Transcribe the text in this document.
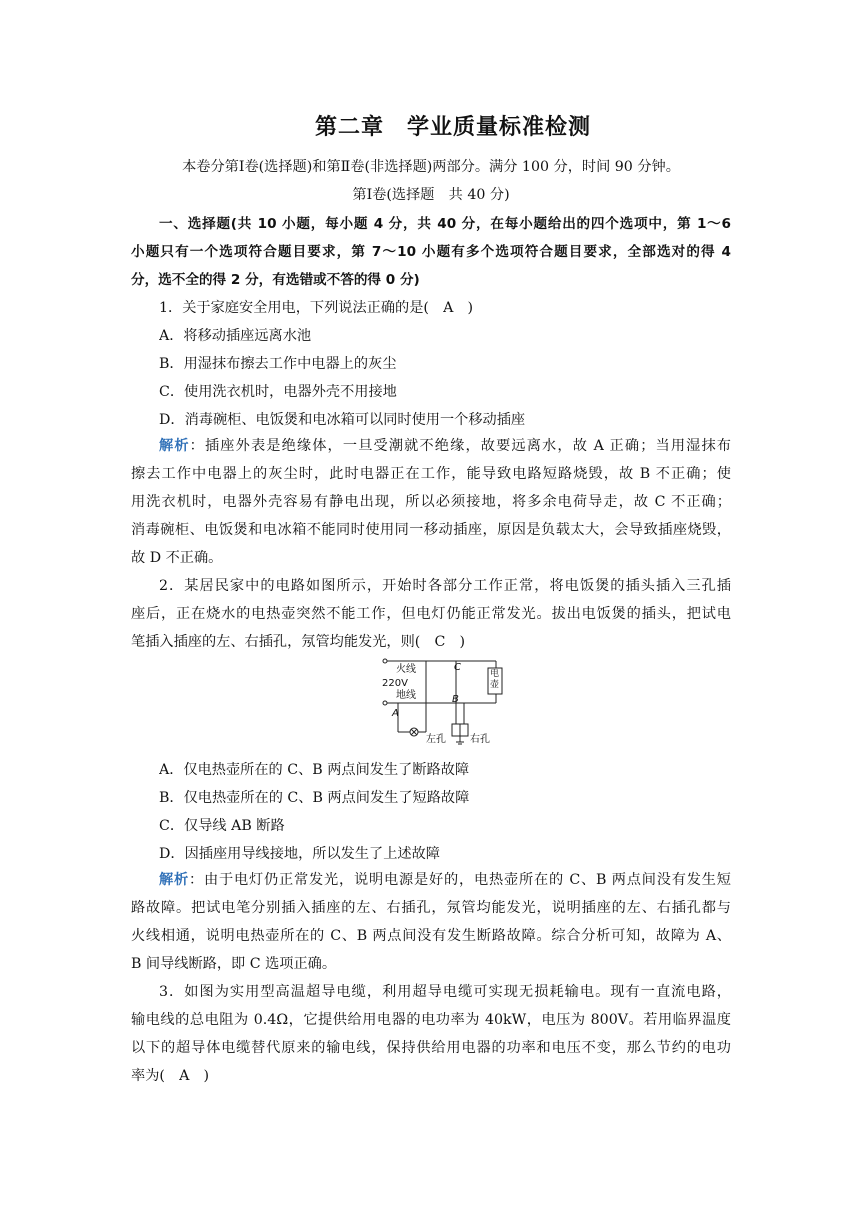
第二章　学业质量标准检测
本卷分第Ⅰ卷(选择题)和第Ⅱ卷(非选择题)两部分。满分 100 分，时间 90 分钟。
第Ⅰ卷(选择题　共 40 分)
一、选择题(共 10 小题，每小题 4 分，共 40 分，在每小题给出的四个选项中，第 1～6
小题只有一个选项符合题目要求，第 7～10 小题有多个选项符合题目要求，全部选对的得 4
分，选不全的得 2 分，有选错或不答的得 0 分)
1．关于家庭安全用电，下列说法正确的是(　A　)
A．将移动插座远离水池
B．用湿抹布擦去工作中电器上的灰尘
C．使用洗衣机时，电器外壳不用接地
D．消毒碗柜、电饭煲和电冰箱可以同时使用一个移动插座
解析：插座外表是绝缘体，一旦受潮就不绝缘，故要远离水，故 A 正确；当用湿抹布
擦去工作中电器上的灰尘时，此时电器正在工作，能导致电路短路烧毁，故 B 不正确；使
用洗衣机时，电器外壳容易有静电出现，所以必须接地，将多余电荷导走，故 C 不正确；
消毒碗柜、电饭煲和电冰箱不能同时使用同一移动插座，原因是负载太大，会导致插座烧毁，
故 D 不正确。
2．某居民家中的电路如图所示，开始时各部分工作正常，将电饭煲的插头插入三孔插
座后，正在烧水的电热壶突然不能工作，但电灯仍能正常发光。拔出电饭煲的插头，把试电
笔插入插座的左、右插孔，氖管均能发光，则(　C　)
火线
220V
地线
A
B
C
左孔 右孔
电壶
A．仅电热壶所在的 C、B 两点间发生了断路故障
B．仅电热壶所在的 C、B 两点间发生了短路故障
C．仅导线 AB 断路
D．因插座用导线接地，所以发生了上述故障
解析：由于电灯仍正常发光，说明电源是好的，电热壶所在的 C、B 两点间没有发生短
路故障。把试电笔分别插入插座的左、右插孔，氖管均能发光，说明插座的左、右插孔都与
火线相通，说明电热壶所在的 C、B 两点间没有发生断路故障。综合分析可知，故障为 A、
B 间导线断路，即 C 选项正确。
3．如图为实用型高温超导电缆，利用超导电缆可实现无损耗输电。现有一直流电路，
输电线的总电阻为 0.4Ω，它提供给用电器的电功率为 40kW，电压为 800V。若用临界温度
以下的超导体电缆替代原来的输电线，保持供给用电器的功率和电压不变，那么节约的电功
率为(　A　)
